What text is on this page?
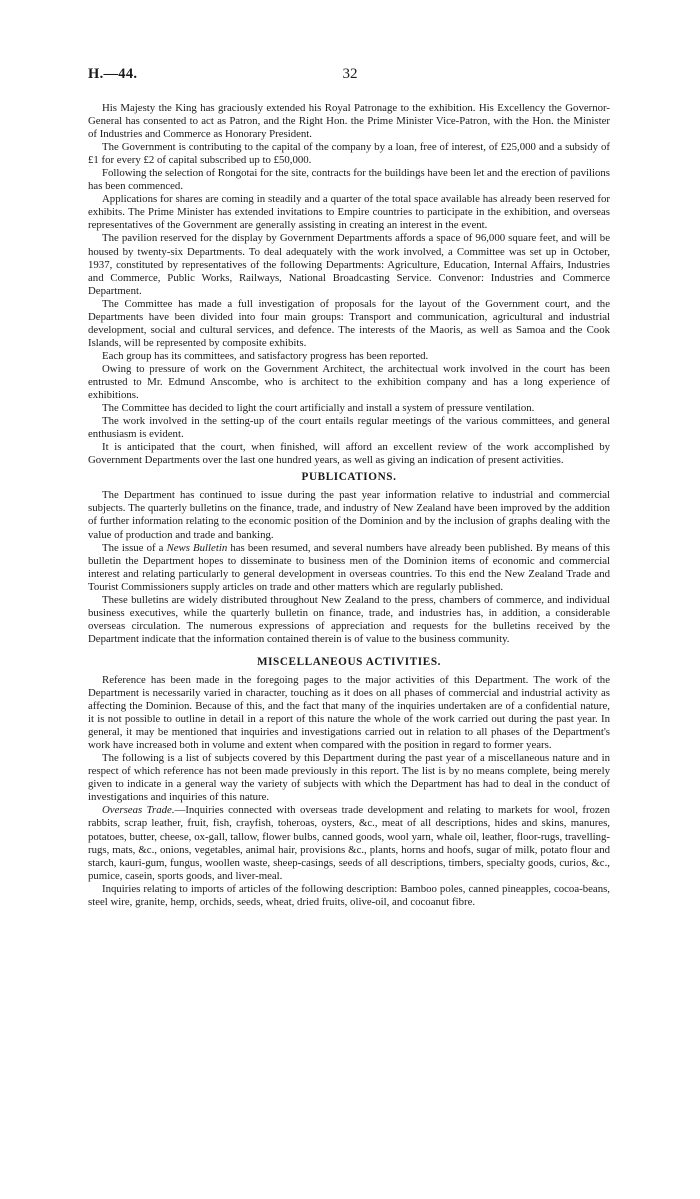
H.—44.	32

His Majesty the King has graciously extended his Royal Patronage to the exhibition. His Excellency the Governor-General has consented to act as Patron, and the Right Hon. the Prime Minister Vice-Patron, with the Hon. the Minister of Industries and Commerce as Honorary President.

The Government is contributing to the capital of the company by a loan, free of interest, of £25,000 and a subsidy of £1 for every £2 of capital subscribed up to £50,000.

Following the selection of Rongotai for the site, contracts for the buildings have been let and the erection of pavilions has been commenced.

Applications for shares are coming in steadily and a quarter of the total space available has already been reserved for exhibits. The Prime Minister has extended invitations to Empire countries to participate in the exhibition, and overseas representatives of the Government are generally assisting in creating an interest in the event.

The pavilion reserved for the display by Government Departments affords a space of 96,000 square feet, and will be housed by twenty-six Departments. To deal adequately with the work involved, a Committee was set up in October, 1937, constituted by representatives of the following Departments: Agriculture, Education, Internal Affairs, Industries and Commerce, Public Works, Railways, National Broadcasting Service. Convenor: Industries and Commerce Department.

The Committee has made a full investigation of proposals for the layout of the Government court, and the Departments have been divided into four main groups: Transport and communication, agricultural and industrial development, social and cultural services, and defence. The interests of the Maoris, as well as Samoa and the Cook Islands, will be represented by composite exhibits.

Each group has its committees, and satisfactory progress has been reported.

Owing to pressure of work on the Government Architect, the architectual work involved in the court has been entrusted to Mr. Edmund Anscombe, who is architect to the exhibition company and has a long experience of exhibitions.

The Committee has decided to light the court artificially and install a system of pressure ventilation.

The work involved in the setting-up of the court entails regular meetings of the various committees, and general enthusiasm is evident.

It is anticipated that the court, when finished, will afford an excellent review of the work accomplished by Government Departments over the last one hundred years, as well as giving an indication of present activities.

PUBLICATIONS.

The Department has continued to issue during the past year information relative to industrial and commercial subjects. The quarterly bulletins on the finance, trade, and industry of New Zealand have been improved by the addition of further information relating to the economic position of the Dominion and by the inclusion of graphs dealing with the value of production and trade and banking.

The issue of a News Bulletin has been resumed, and several numbers have already been published. By means of this bulletin the Department hopes to disseminate to business men of the Dominion items of economic and commercial interest and relating particularly to general development in overseas countries. To this end the New Zealand Trade and Tourist Commissioners supply articles on trade and other matters which are regularly published.

These bulletins are widely distributed throughout New Zealand to the press, chambers of commerce, and individual business executives, while the quarterly bulletin on finance, trade, and industries has, in addition, a considerable overseas circulation. The numerous expressions of appreciation and requests for the bulletins received by the Department indicate that the information contained therein is of value to the business community.

MISCELLANEOUS ACTIVITIES.

Reference has been made in the foregoing pages to the major activities of this Department. The work of the Department is necessarily varied in character, touching as it does on all phases of commercial and industrial activity as affecting the Dominion. Because of this, and the fact that many of the inquiries undertaken are of a confidential nature, it is not possible to outline in detail in a report of this nature the whole of the work carried out during the past year. In general, it may be mentioned that inquiries and investigations carried out in relation to all phases of the Department's work have increased both in volume and extent when compared with the position in regard to former years.

The following is a list of subjects covered by this Department during the past year of a miscellaneous nature and in respect of which reference has not been made previously in this report. The list is by no means complete, being merely given to indicate in a general way the variety of subjects with which the Department has had to deal in the conduct of investigations and inquiries of this nature.

Overseas Trade.—Inquiries connected with overseas trade development and relating to markets for wool, frozen rabbits, scrap leather, fruit, fish, crayfish, toheroas, oysters, &c., meat of all descriptions, hides and skins, manures, potatoes, butter, cheese, ox-gall, tallow, flower bulbs, canned goods, wool yarn, whale oil, leather, floor-rugs, travelling-rugs, mats, &c., onions, vegetables, animal hair, provisions &c., plants, horns and hoofs, sugar of milk, potato flour and starch, kauri-gum, fungus, woollen waste, sheep-casings, seeds of all descriptions, timbers, specialty goods, curios, &c., pumice, casein, sports goods, and liver-meal.

Inquiries relating to imports of articles of the following description: Bamboo poles, canned pineapples, cocoa-beans, steel wire, granite, hemp, orchids, seeds, wheat, dried fruits, olive-oil, and cocoanut fibre.
